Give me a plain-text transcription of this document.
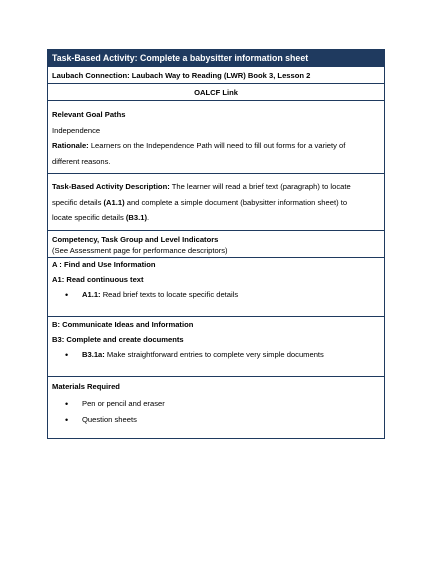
Task-Based Activity: Complete a babysitter information sheet
Laubach Connection: Laubach Way to Reading (LWR) Book 3, Lesson 2
OALCF Link
Relevant Goal Paths
Independence
Rationale: Learners on the Independence Path will need to fill out forms for a variety of
different reasons.
Task-Based Activity Description: The learner will read a brief text (paragraph) to locate
specific details (A1.1) and complete a simple document (babysitter information sheet) to
locate specific details (B3.1).
Competency, Task Group and Level Indicators
(See Assessment page for performance descriptors)
A : Find and Use Information
A1: Read continuous text
• A1.1: Read brief texts to locate specific details
B: Communicate Ideas and Information
B3: Complete and create documents
• B3.1a: Make straightforward entries to complete very simple documents
Materials Required
• Pen or pencil and eraser
• Question sheets
